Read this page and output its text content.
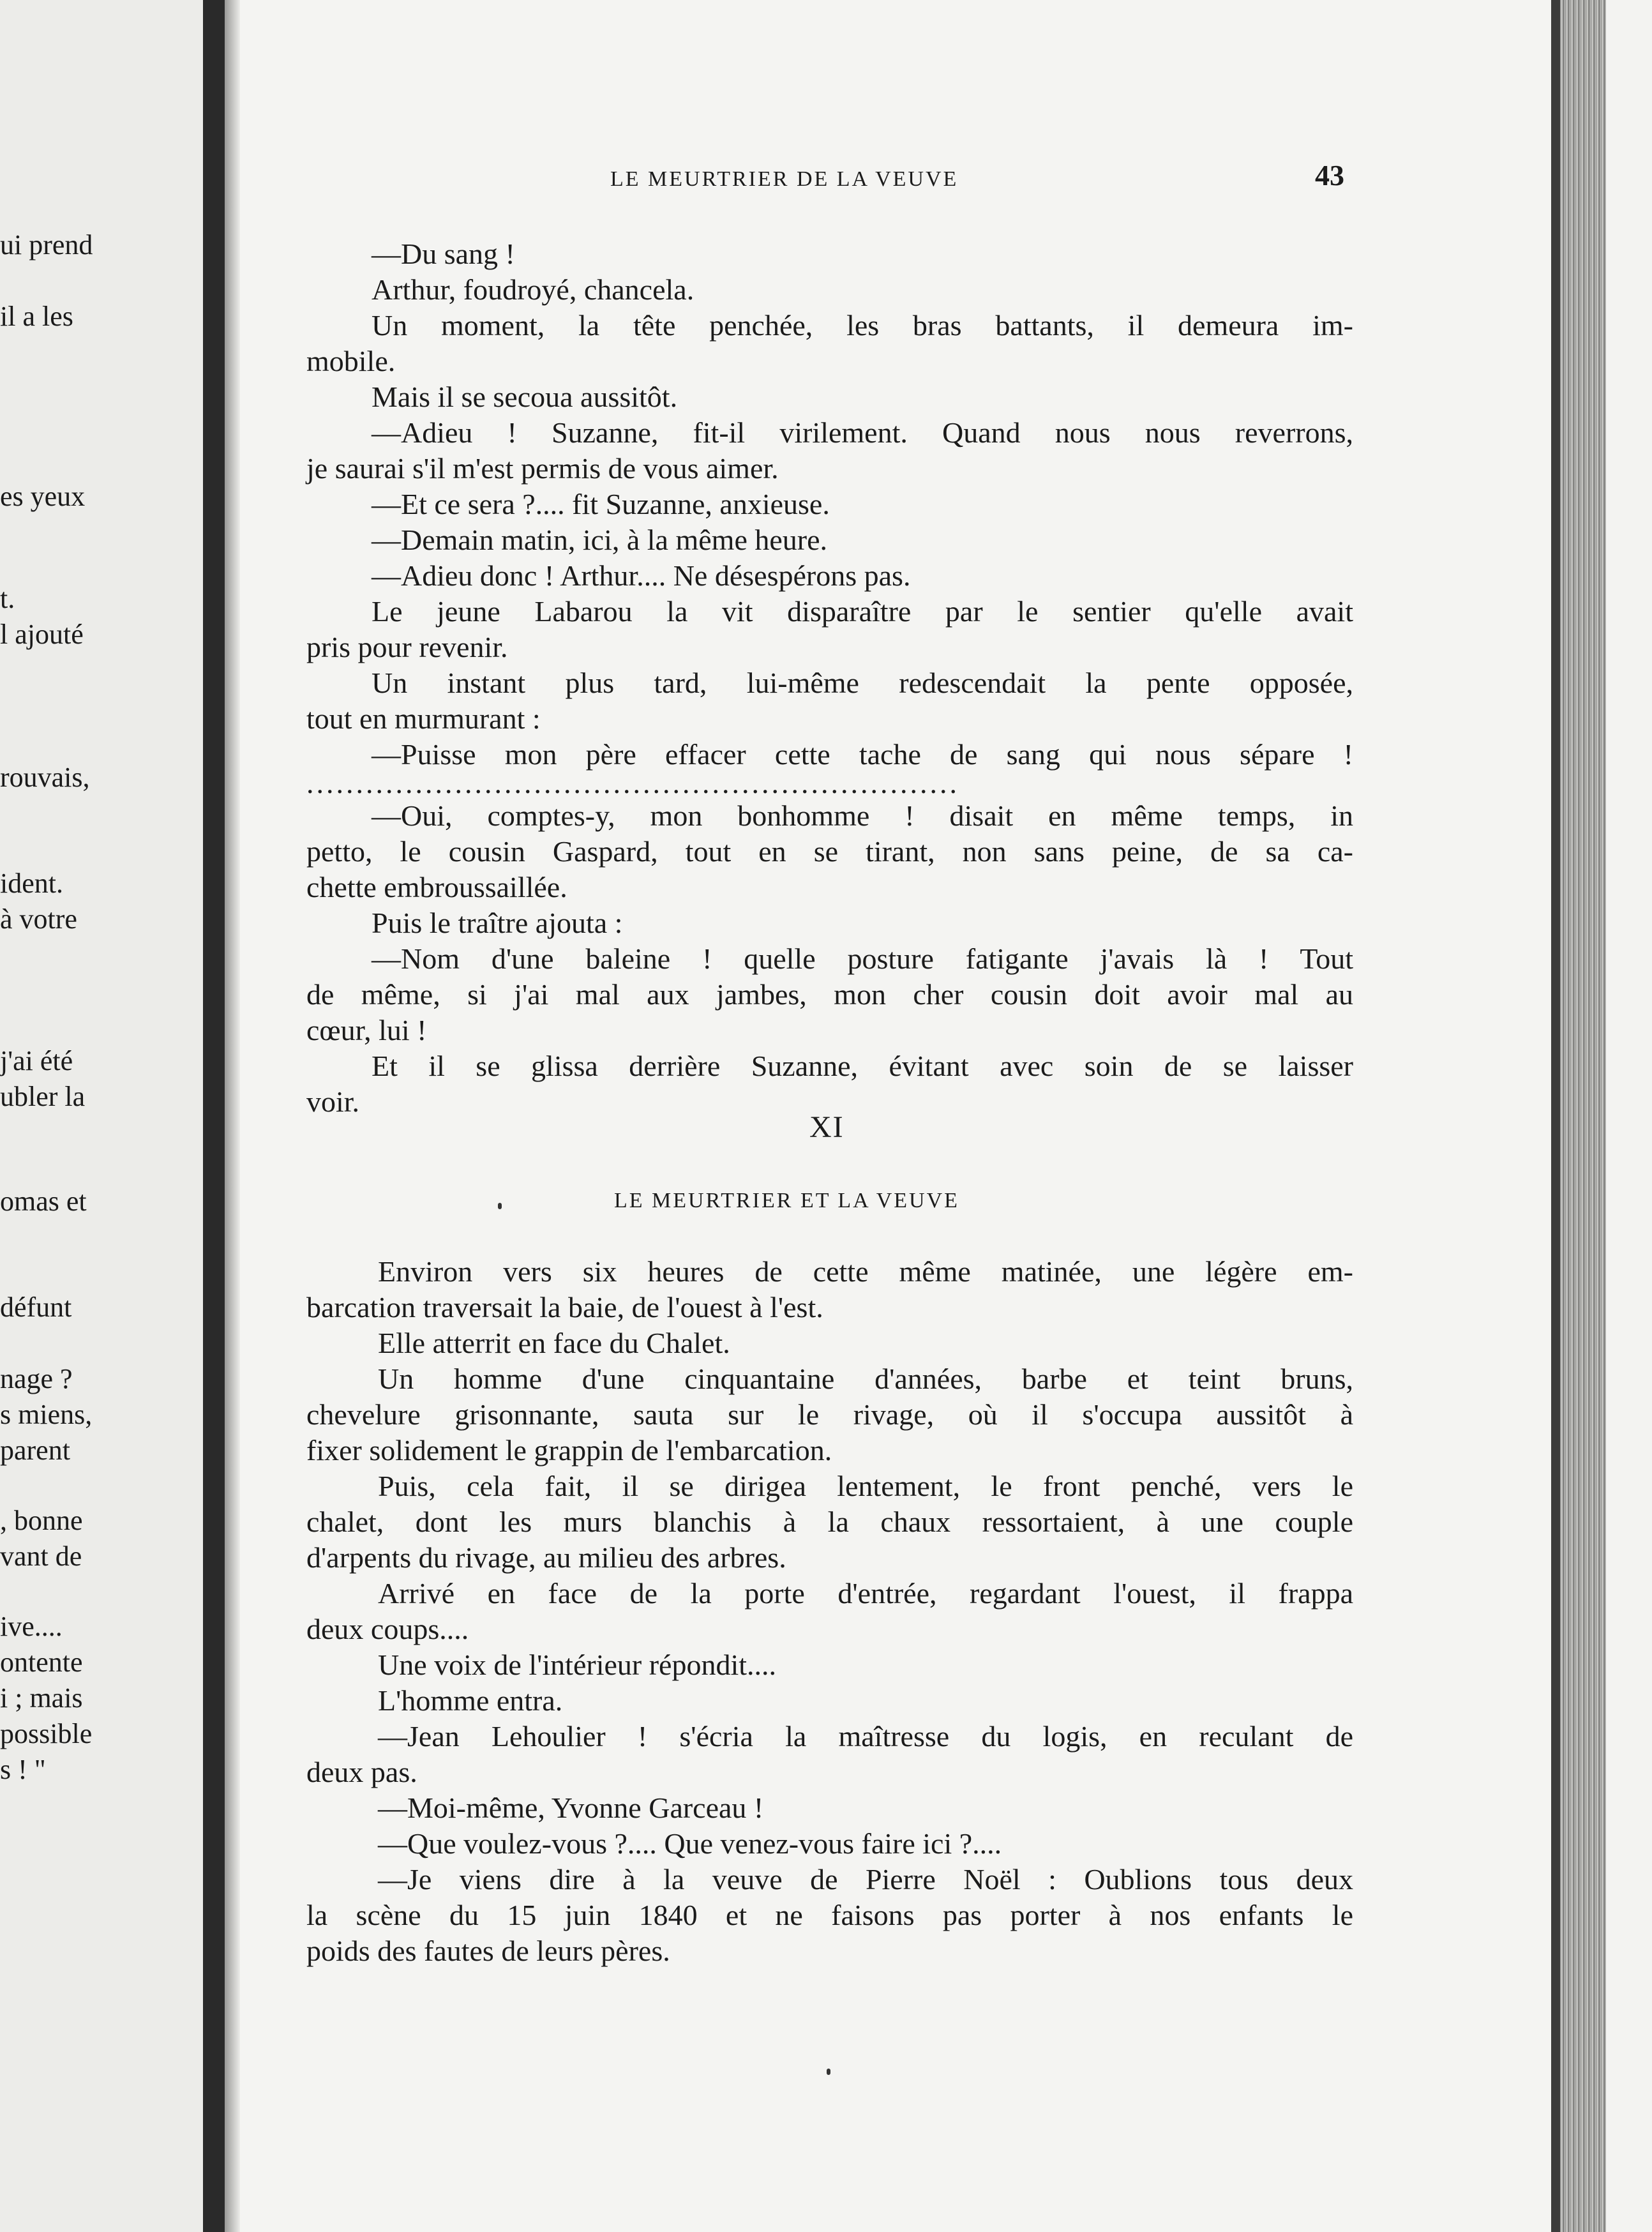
ui prend
il a les
es yeux
t.
l ajouté
rouvais,
ident.
à votre
j'ai été
ubler la
omas et
défunt
nage ?
s miens,
parent
, bonne
vant de
ive....
ontente
i ; mais
possible
s ! "
LE MEURTRIER DE LA VEUVE	43
—Du sang !
Arthur, foudroyé, chancela.
Un moment, la tête penchée, les bras battants, il demeura im-
mobile.
Mais il se secoua aussitôt.
—Adieu ! Suzanne, fit-il virilement. Quand nous nous reverrons,
je saurai s'il m'est permis de vous aimer.
—Et ce sera ?.... fit Suzanne, anxieuse.
—Demain matin, ici, à la même heure.
—Adieu donc ! Arthur.... Ne désespérons pas.
Le jeune Labarou la vit disparaître par le sentier qu'elle avait
pris pour revenir.
Un instant plus tard, lui-même redescendait la pente opposée,
tout en murmurant :
—Puisse mon père effacer cette tache de sang qui nous sépare !
..................................................................
—Oui, comptes-y, mon bonhomme ! disait en même temps, in
petto, le cousin Gaspard, tout en se tirant, non sans peine, de sa ca-
chette embroussaillée.
Puis le traître ajouta :
—Nom d'une baleine ! quelle posture fatigante j'avais là ! Tout
de même, si j'ai mal aux jambes, mon cher cousin doit avoir mal au
cœur, lui !
Et il se glissa derrière Suzanne, évitant avec soin de se laisser
voir.
XI
LE MEURTRIER ET LA VEUVE
Environ vers six heures de cette même matinée, une légère em-
barcation traversait la baie, de l'ouest à l'est.
Elle atterrit en face du Chalet.
Un homme d'une cinquantaine d'années, barbe et teint bruns,
chevelure grisonnante, sauta sur le rivage, où il s'occupa aussitôt à
fixer solidement le grappin de l'embarcation.
Puis, cela fait, il se dirigea lentement, le front penché, vers le
chalet, dont les murs blanchis à la chaux ressortaient, à une couple
d'arpents du rivage, au milieu des arbres.
Arrivé en face de la porte d'entrée, regardant l'ouest, il frappa
deux coups....
Une voix de l'intérieur répondit....
L'homme entra.
—Jean Lehoulier ! s'écria la maîtresse du logis, en reculant de
deux pas.
—Moi-même, Yvonne Garceau !
—Que voulez-vous ?.... Que venez-vous faire ici ?....
—Je viens dire à la veuve de Pierre Noël : Oublions tous deux
la scène du 15 juin 1840 et ne faisons pas porter à nos enfants le
poids des fautes de leurs pères.
